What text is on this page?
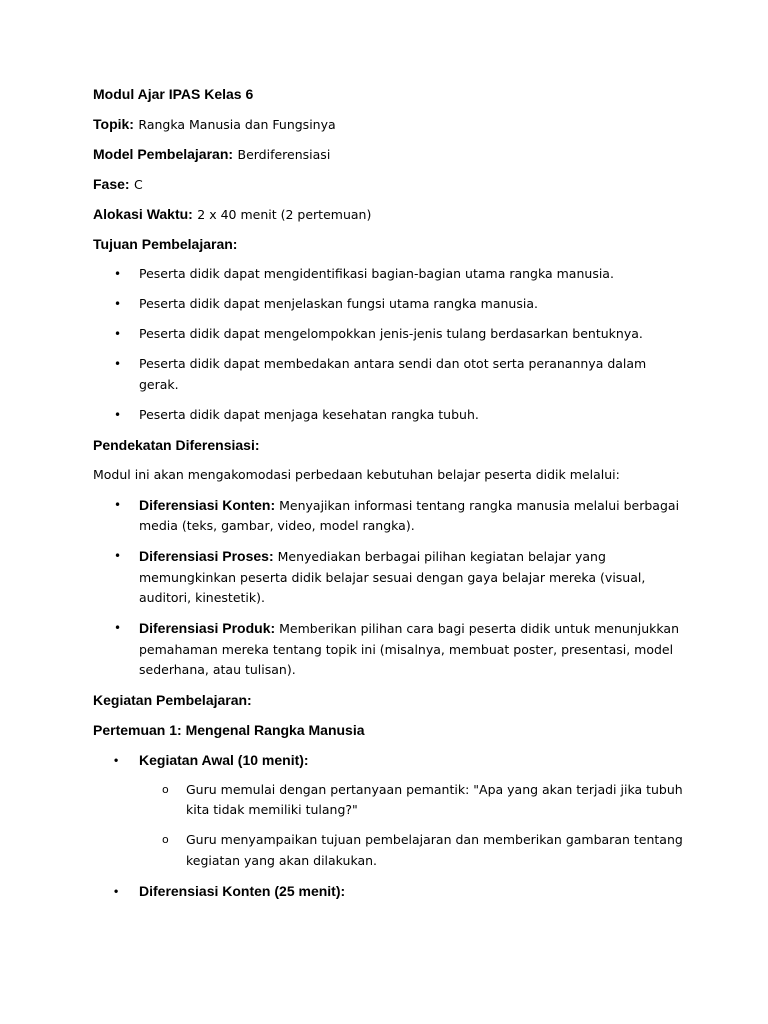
Modul Ajar IPAS Kelas 6
Topik: Rangka Manusia dan Fungsinya
Model Pembelajaran: Berdiferensiasi
Fase: C
Alokasi Waktu: 2 x 40 menit (2 pertemuan)
Tujuan Pembelajaran:
• Peserta didik dapat mengidentifikasi bagian-bagian utama rangka manusia.
• Peserta didik dapat menjelaskan fungsi utama rangka manusia.
• Peserta didik dapat mengelompokkan jenis-jenis tulang berdasarkan bentuknya.
• Peserta didik dapat membedakan antara sendi dan otot serta peranannya dalam gerak.
• Peserta didik dapat menjaga kesehatan rangka tubuh.
Pendekatan Diferensiasi:
Modul ini akan mengakomodasi perbedaan kebutuhan belajar peserta didik melalui:
• Diferensiasi Konten: Menyajikan informasi tentang rangka manusia melalui berbagai media (teks, gambar, video, model rangka).
• Diferensiasi Proses: Menyediakan berbagai pilihan kegiatan belajar yang memungkinkan peserta didik belajar sesuai dengan gaya belajar mereka (visual, auditori, kinestetik).
• Diferensiasi Produk: Memberikan pilihan cara bagi peserta didik untuk menunjukkan pemahaman mereka tentang topik ini (misalnya, membuat poster, presentasi, model sederhana, atau tulisan).
Kegiatan Pembelajaran:
Pertemuan 1: Mengenal Rangka Manusia
• Kegiatan Awal (10 menit):
o Guru memulai dengan pertanyaan pemantik: "Apa yang akan terjadi jika tubuh kita tidak memiliki tulang?"
o Guru menyampaikan tujuan pembelajaran dan memberikan gambaran tentang kegiatan yang akan dilakukan.
• Diferensiasi Konten (25 menit):
